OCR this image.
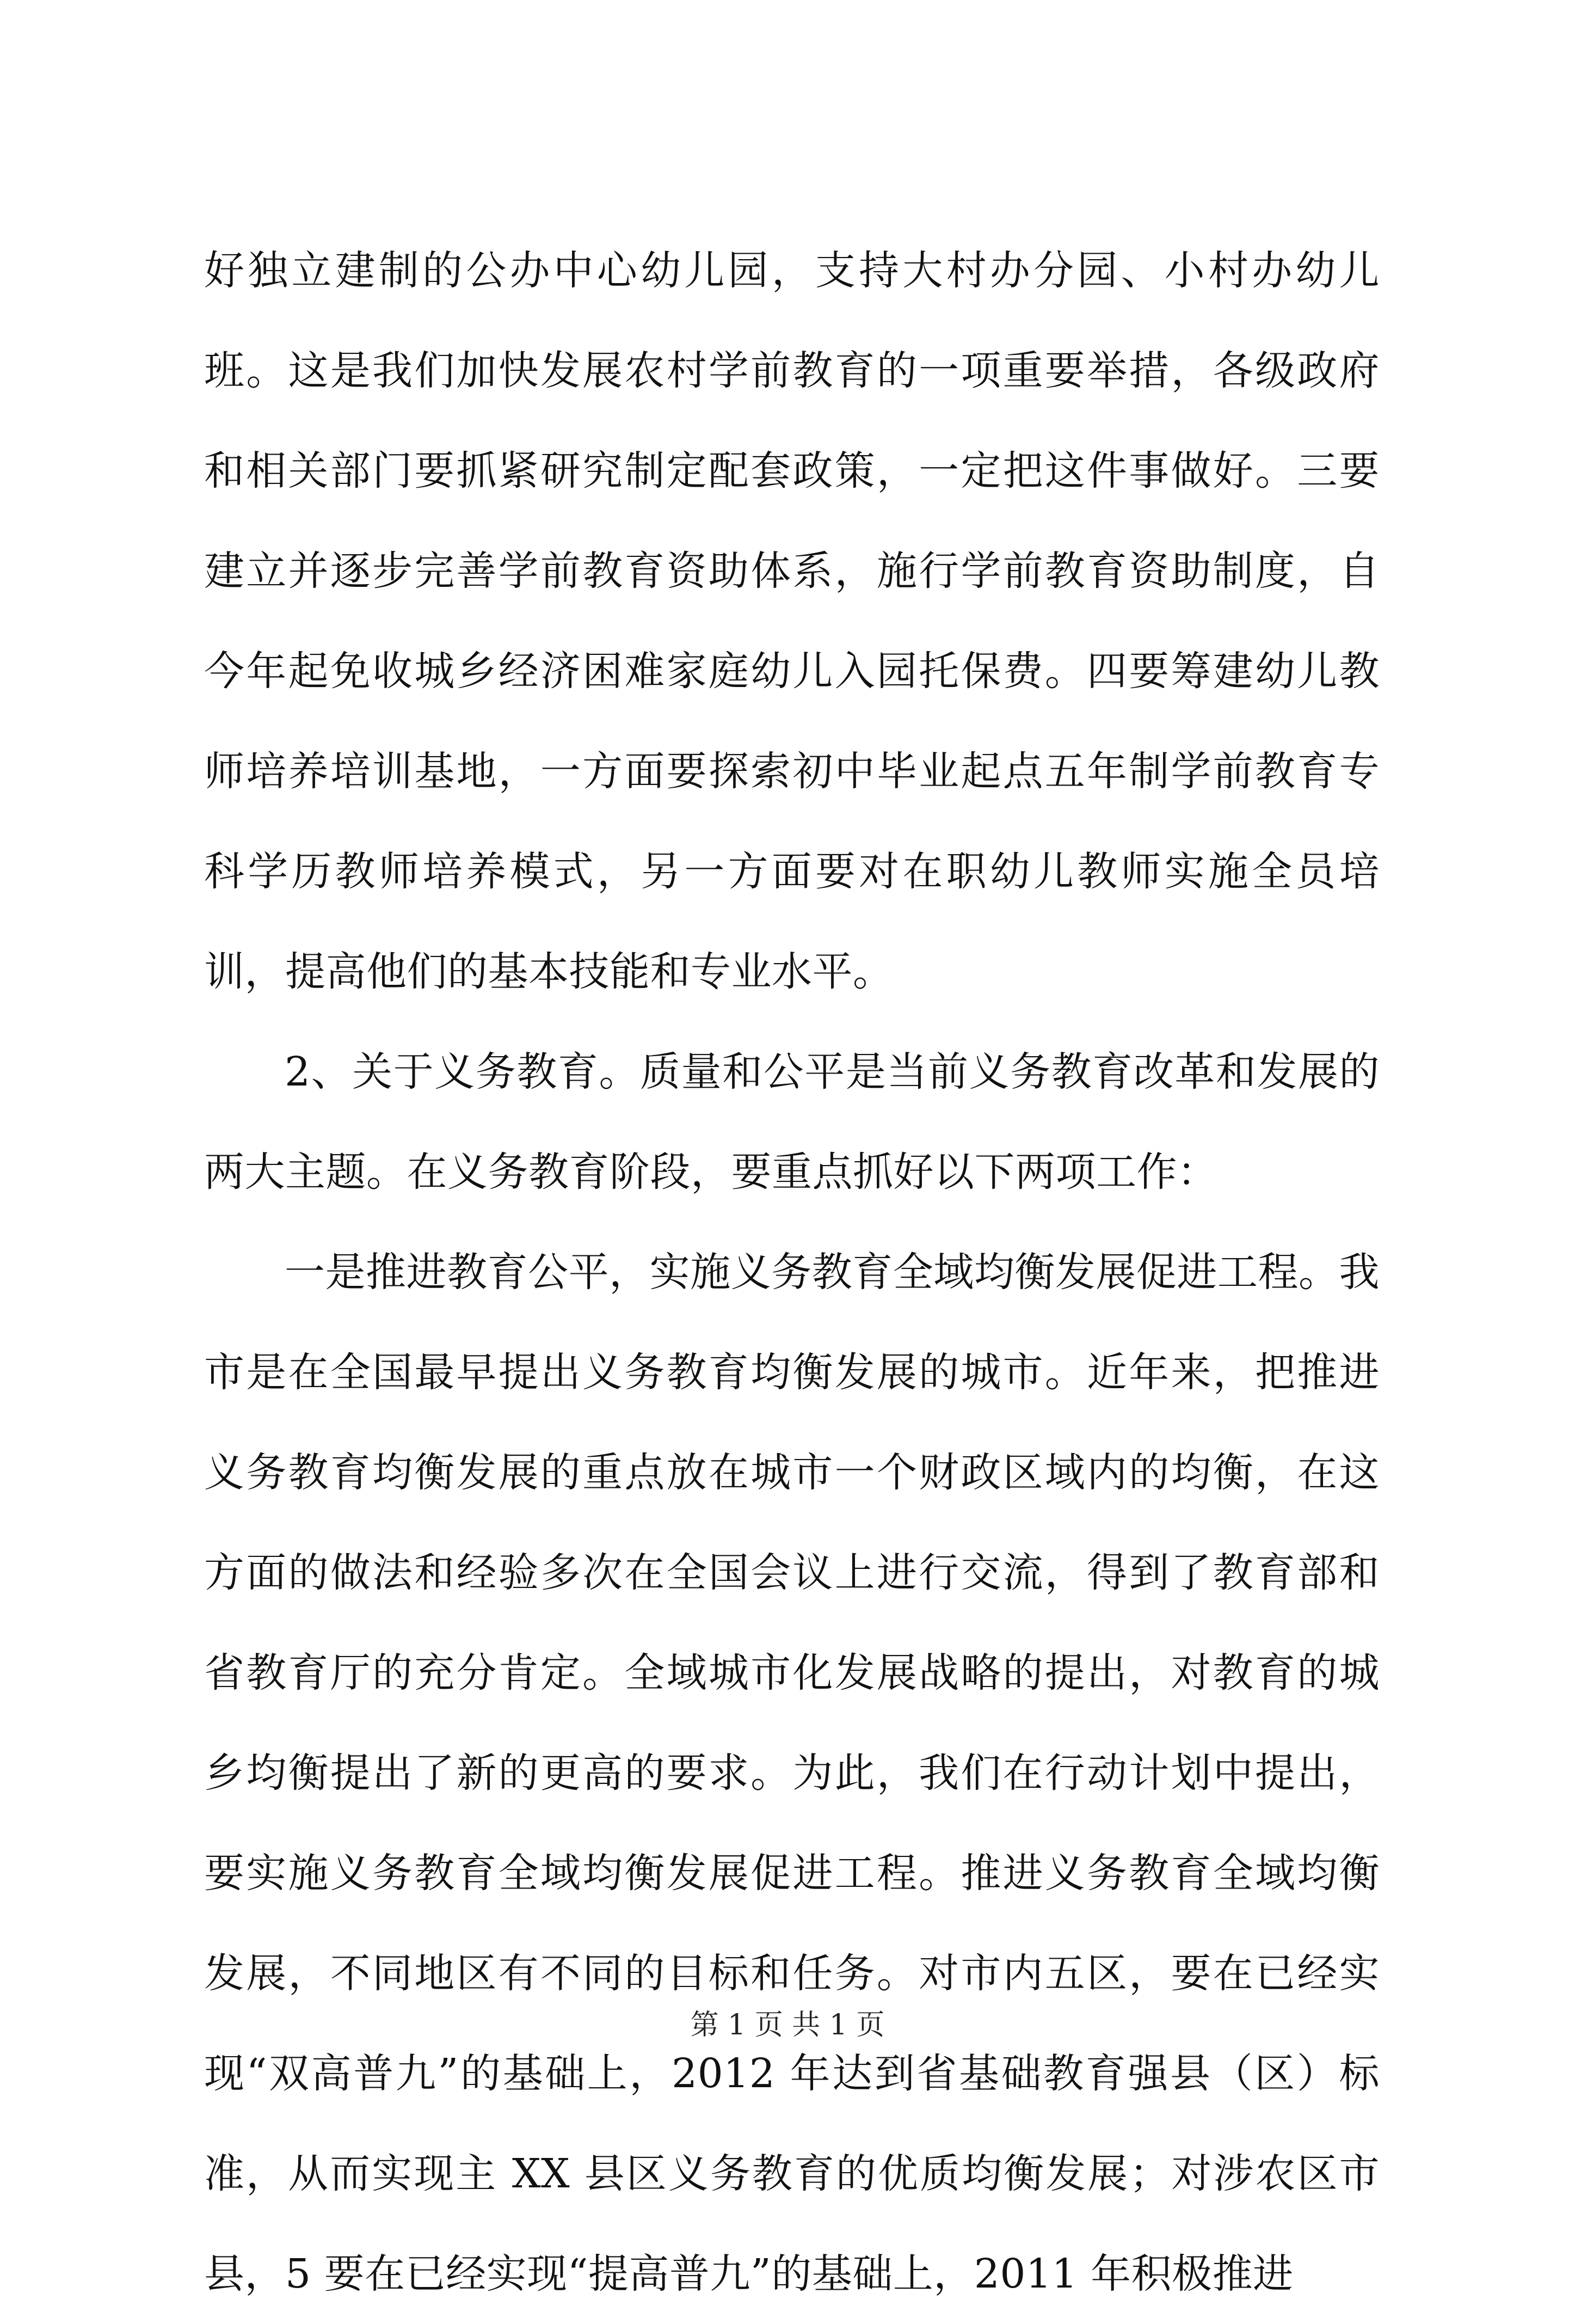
好独立建制的公办中心幼儿园，支持大村办分园、小村办幼儿班。这是我们加快发展农村学前教育的一项重要举措，各级政府和相关部门要抓紧研究制定配套政策，一定把这件事做好。三要建立并逐步完善学前教育资助体系，施行学前教育资助制度，自今年起免收城乡经济困难家庭幼儿入园托保费。四要筹建幼儿教师培养培训基地，一方面要探索初中毕业起点五年制学前教育专科学历教师培养模式，另一方面要对在职幼儿教师实施全员培训，提高他们的基本技能和专业水平。

2、关于义务教育。质量和公平是当前义务教育改革和发展的两大主题。在义务教育阶段，要重点抓好以下两项工作：

一是推进教育公平，实施义务教育全域均衡发展促进工程。我市是在全国最早提出义务教育均衡发展的城市。近年来，把推进义务教育均衡发展的重点放在城市一个财政区域内的均衡，在这方面的做法和经验多次在全国会议上进行交流，得到了教育部和省教育厅的充分肯定。全域城市化发展战略的提出，对教育的城乡均衡提出了新的更高的要求。为此，我们在行动计划中提出，要实施义务教育全域均衡发展促进工程。推进义务教育全域均衡发展，不同地区有不同的目标和任务。对市内五区，要在已经实现“双高普九”的基础上，2012 年达到省基础教育强县（区）标准，从而实现主 XX 县区义务教育的优质均衡发展；对涉农区市县，5 要在已经实现“提高普九”的基础上，2011 年积极推进

第 1 页 共 1 页
